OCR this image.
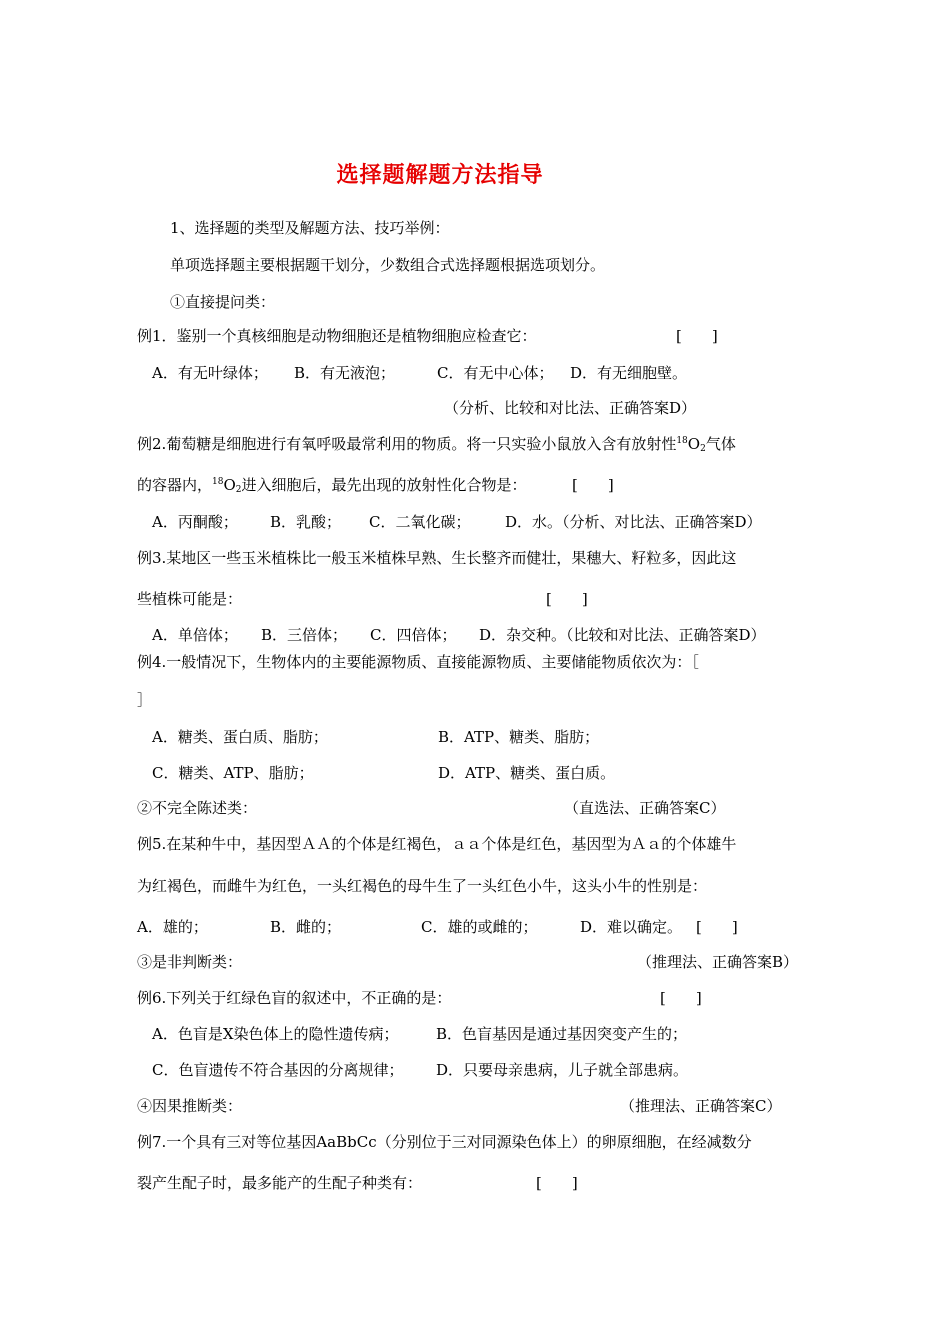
选择题解题方法指导
1、选择题的类型及解题方法、技巧举例：
单项选择题主要根据题干划分，少数组合式选择题根据选项划分。
①直接提问类：
例1．鉴别一个真核细胞是动物细胞还是植物细胞应检查它：	[　　]
A．有无叶绿体； B．有无液泡；	C．有无中心体； D．有无细胞壁。
（分析、比较和对比法、正确答案D）
例2.葡萄糖是细胞进行有氧呼吸最常利用的物质。将一只实验小鼠放入含有放射性$^{18}O_2$气体
的容器内，$^{18}O_2$进入细胞后，最先出现的放射性化合物是：	[　　]
A．丙酮酸； B．乳酸； C．二氧化碳； D．水。（分析、对比法、正确答案D）
例3.某地区一些玉米植株比一般玉米植株早熟、生长整齐而健壮，果穗大、籽粒多，因此这
些植株可能是：	[　　]
A．单倍体； B．三倍体； C．四倍体； D．杂交种。（比较和对比法、正确答案D）
例4.一般情况下，生物体内的主要能源物质、直接能源物质、主要储能物质依次为：［
］
A．糖类、蛋白质、脂肪；	B．ATP、糖类、脂肪；
C．糖类、ATP、脂肪；	D．ATP、糖类、蛋白质。
②不完全陈述类：	（直选法、正确答案C）
例5.在某种牛中，基因型ＡＡ的个体是红褐色，ａａ个体是红色，基因型为Ａａ的个体雄牛
为红褐色，而雌牛为红色，一头红褐色的母牛生了一头红色小牛，这头小牛的性别是：
A．雄的；	B．雌的；	C．雄的或雌的；	D．难以确定。 [　　]
③是非判断类：	（推理法、正确答案B）
例6.下列关于红绿色盲的叙述中，不正确的是：	[　　]
A．色盲是X染色体上的隐性遗传病； B．色盲基因是通过基因突变产生的；
C．色盲遗传不符合基因的分离规律； D．只要母亲患病，儿子就全部患病。
④因果推断类：	（推理法、正确答案C）
例7.一个具有三对等位基因AaBbCc（分别位于三对同源染色体上）的卵原细胞，在经减数分
裂产生配子时，最多能产的生配子种类有：	[　　]
